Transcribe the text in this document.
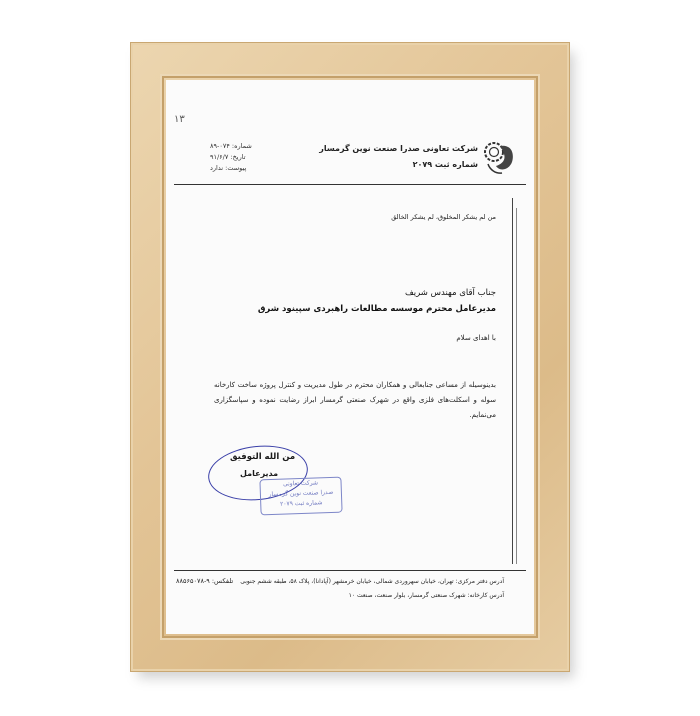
۱۳
شرکت تعاونی صدرا صنعت نوین گرمسار
شماره ثبت ۲۰۷۹
شماره: ۰۷۴-۸۹
تاریخ: ۹۱/۶/۷
پیوست: ندارد
من لم یشکر المخلوق، لم یشکر الخالق
جناب آقای مهندس شریف
مدیرعامل محترم موسسه مطالعات راهبردی سپینود شرق
با اهدای سلام
بدینوسیله از مساعی جنابعالی و همکاران محترم در طول مدیریت و کنترل پروژه ساخت کارخانه سوله و اسکلت‌های فلزی واقع در شهرک صنعتی گرمسار ابراز رضایت نموده و سپاسگزاری می‌نمایم.
من الله التوفیق
مدیرعامل
شرکت تعاونی
صدرا صنعت نوین گرمسار
شماره ثبت ۲۰۷۹
آدرس دفتر مرکزی: تهران، خیابان سهروردی شمالی، خیابان خرمشهر (آپادانا)، پلاک ۵۸، طبقه ششم جنوبی
آدرس کارخانه: شهرک صنعتی گرمسار، بلوار صنعت، صنعت ۱۰
تلفکس: ۹-۸۸۵۶۵۰۷۸
